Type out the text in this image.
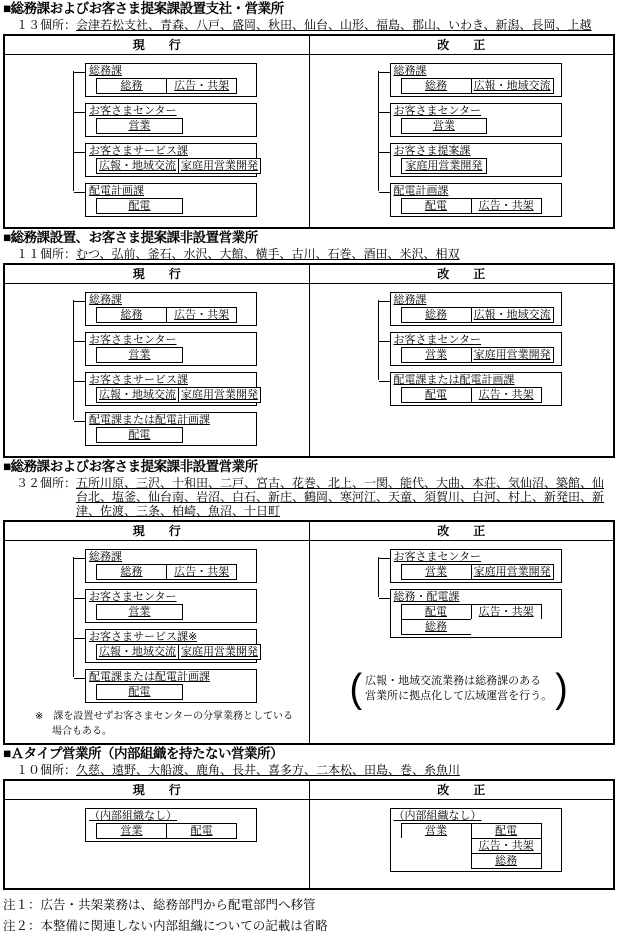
■総務課およびお客さま提案課設置支社・営業所
１３個所： 会津若松支社、青森、八戸、盛岡、秋田、仙台、山形、福島、郡山、いわき、新潟、長岡、上越
現　　行	改　　正
総務課
総務	広告・共架
お客さまセンター
営業
お客さまサービス課
広報・地域交流 家庭用営業開発
配電計画課
配電
総務課
総務	広報・地域交流
お客さまセンター
営業
お客さま提案課
家庭用営業開発
配電計画課
配電	広告・共架
■総務課設置、お客さま提案課非設置営業所
１１個所： むつ、弘前、釜石、水沢、大館、横手、古川、石巻、酒田、米沢、相双
現　　行	改　　正
総務課
総務	広告・共架
お客さまセンター
営業
お客さまサービス課
広報・地域交流 家庭用営業開発
配電課または配電計画課
配電
総務課
総務	広報・地域交流
お客さまセンター
営業	家庭用営業開発
配電課または配電計画課
配電	広告・共架
■総務課およびお客さま提案課非設置営業所
３２個所： 五所川原、三沢、十和田、二戸、宮古、花巻、北上、一関、能代、大曲、本荘、気仙沼、築館、仙台北、塩釜、仙台南、岩沼、白石、新庄、鶴岡、寒河江、天童、須賀川、白河、村上、新発田、新津、佐渡、三条、柏崎、魚沼、十日町
現　　行	改　　正
総務課
総務	広告・共架
お客さまセンター
営業
お客さまサービス課※
広報・地域交流 家庭用営業開発
配電課または配電計画課
配電
※　課を設置せずお客さまセンターの分掌業務としている
場合もある。
お客さまセンター
営業	家庭用営業開発
総務・配電課
配電	広告・共架
総務
( 広報・地域交流業務は総務課のある
営業所に拠点化して広域運営を行う。 )
■Ａタイプ営業所（内部組織を持たない営業所）
１０個所： 久慈、遠野、大船渡、鹿角、長井、喜多方、二本松、田島、巻、糸魚川
現　　行	改　　正
（内部組織なし）
営業	配電
（内部組織なし）
営業	配電
広告・共架
総務
注１：広告・共架業務は、総務部門から配電部門へ移管
注２：本整備に関連しない内部組織についての記載は省略
